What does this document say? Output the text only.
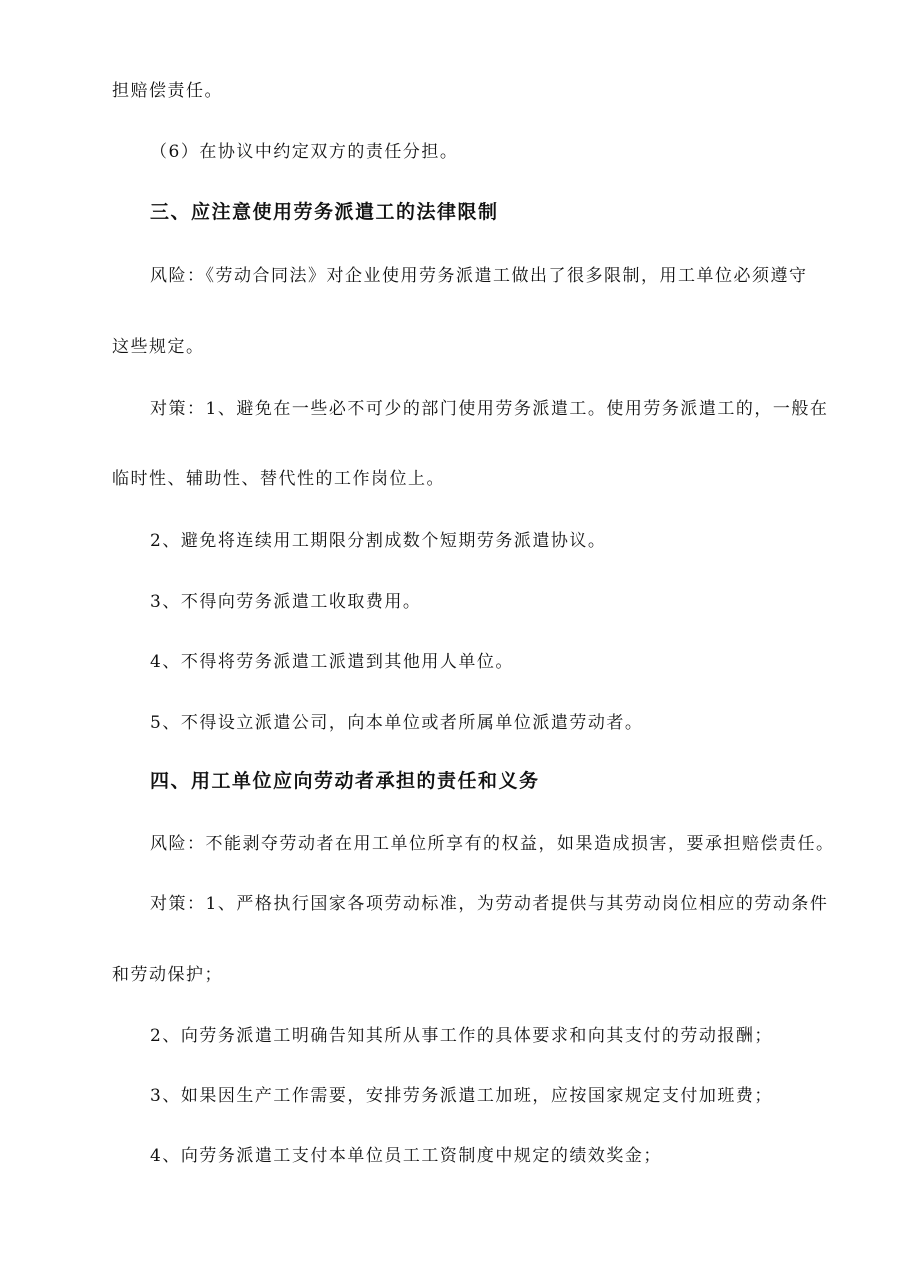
担赔偿责任。
（6）在协议中约定双方的责任分担。
三、应注意使用劳务派遣工的法律限制
风险：《劳动合同法》对企业使用劳务派遣工做出了很多限制，用工单位必须遵守
这些规定。
对策：1、避免在一些必不可少的部门使用劳务派遣工。使用劳务派遣工的，一般在
临时性、辅助性、替代性的工作岗位上。
2、避免将连续用工期限分割成数个短期劳务派遣协议。
3、不得向劳务派遣工收取费用。
4、不得将劳务派遣工派遣到其他用人单位。
5、不得设立派遣公司，向本单位或者所属单位派遣劳动者。
四、用工单位应向劳动者承担的责任和义务
风险：不能剥夺劳动者在用工单位所享有的权益，如果造成损害，要承担赔偿责任。
对策：1、严格执行国家各项劳动标准，为劳动者提供与其劳动岗位相应的劳动条件
和劳动保护；
2、向劳务派遣工明确告知其所从事工作的具体要求和向其支付的劳动报酬；
3、如果因生产工作需要，安排劳务派遣工加班，应按国家规定支付加班费；
4、向劳务派遣工支付本单位员工工资制度中规定的绩效奖金；
